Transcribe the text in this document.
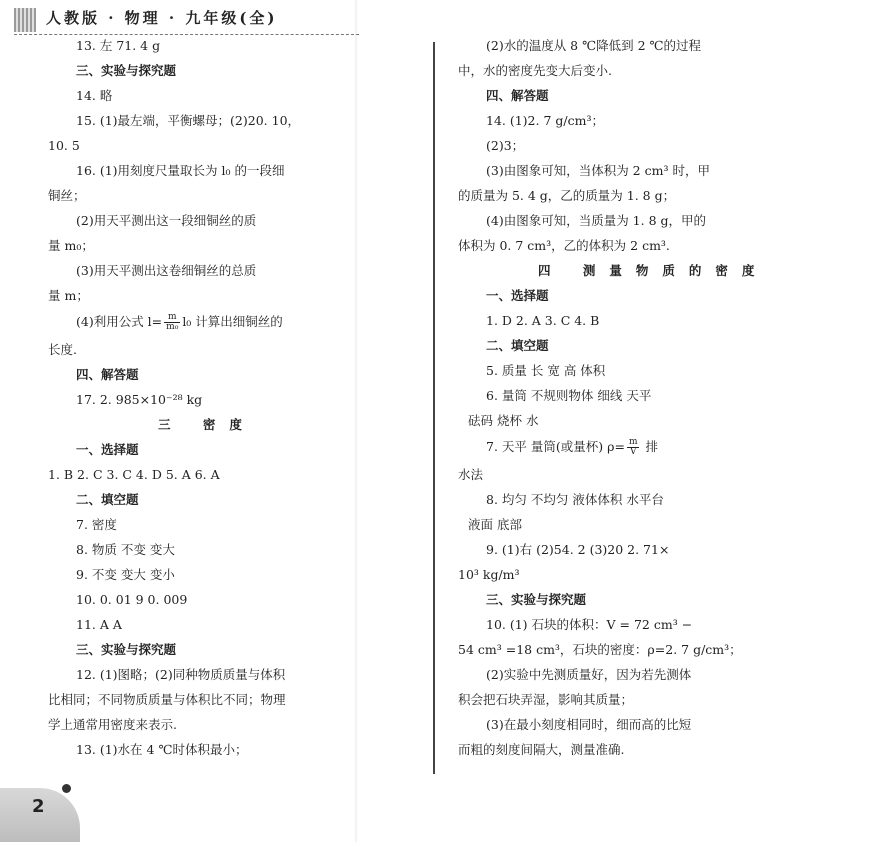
人教版 · 物理 · 九年级(全)
13. 左 71. 4 g
三、实验与探究题
14. 略
15. (1)最左端，平衡螺母；(2)20. 10，
10. 5
16. (1)用刻度尺量取长为 l₀ 的一段细
铜丝；
(2)用天平测出这一段细铜丝的质
量 m₀；
(3)用天平测出这卷细铜丝的总质
量 m；
(4)利用公式 $l= \frac{m}{\text{m₀}} l_0$ 计算出细铜丝的
长度.
四、解答题
17. 2. 985×10⁻²⁸ kg
三 密度
一、选择题
1. B 2. C 3. C 4. D 5. A 6. A
二、填空题
7. 密度
8. 物质 不变 变大
9. 不变 变大 变小
10. 0. 01 9 0. 009
11. A A
三、实验与探究题
12. (1)图略；(2)同种物质质量与体积
比相同；不同物质质量与体积比不同；物理
学上通常用密度来表示.
13. (1)水在 4 ℃时体积最小；
(2)水的温度从 8 ℃降低到 2 ℃的过程
中，水的密度先变大后变小.
四、解答题
14. (1)2. 7 g/cm³；
(2)3；
(3)由图象可知，当体积为 2 cm³ 时，甲
的质量为 5. 4 g，乙的质量为 1. 8 g；
(4)由图象可知，当质量为 1. 8 g，甲的
体积为 0. 7 cm³，乙的体积为 2 cm³.
四 测量物质的密度
一、选择题
1. D 2. A 3. C 4. B
二、填空题
5. 质量 长 宽 高 体积
6. 量筒 不规则物体 细线 天平
砝码 烧杯 水
7. 天平 量筒(或量杯) $\rho= \frac{m}{V}$ 排
水法
8. 均匀 不均匀 液体体积 水平台
液面 底部
9. (1)右 (2)54. 2 (3)20 2. 71×
10³ kg/m³
三、实验与探究题
10. (1) 石块的体积：V = 72 cm³ −
54 cm³ =18 cm³，石块的密度：ρ=2. 7 g/cm³；
(2)实验中先测质量好，因为若先测体
积会把石块弄湿，影响其质量；
(3)在最小刻度相同时，细而高的比短
而粗的刻度间隔大，测量准确.
2
